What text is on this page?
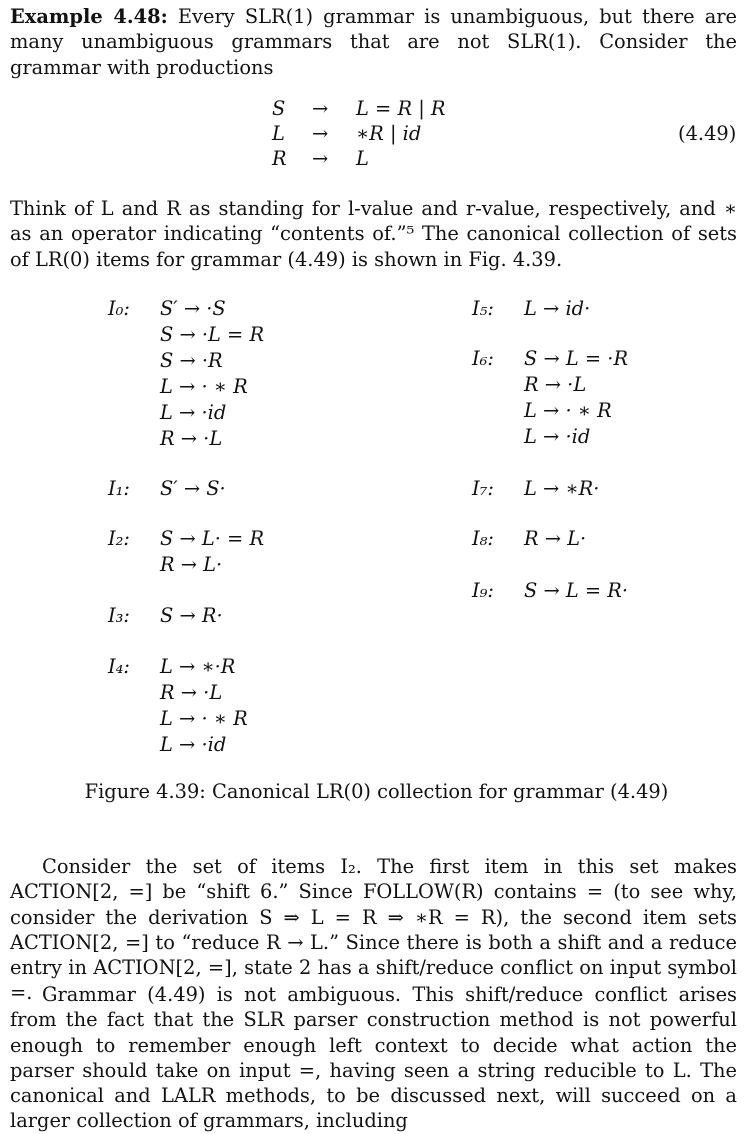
Example 4.48: Every SLR(1) grammar is unambiguous, but there are many unambiguous grammars that are not SLR(1). Consider the grammar with productions

S	→	L = R | R
L	→	∗R | id
R	→	L
(4.49)

Think of L and R as standing for l-value and r-value, respectively, and ∗ as an operator indicating “contents of.”⁵ The canonical collection of sets of LR(0) items for grammar (4.49) is shown in Fig. 4.39.

I₀:	S′ → ·S
S → ·L = R
S → ·R
L → · ∗ R
L → ·id
R → ·L
I₁:	S′ → S·
I₂:	S → L· = R
R → L·
I₃:	S → R·
I₄:	L → ∗·R
R → ·L
L → · ∗ R
L → ·id
I₅:	L → id·
I₆:	S → L = ·R
R → ·L
L → · ∗ R
L → ·id
I₇:	L → ∗R·
I₈:	R → L·
I₉:	S → L = R·
Figure 4.39: Canonical LR(0) collection for grammar (4.49)

Consider the set of items I₂. The first item in this set makes ACTION[2, =] be “shift 6.” Since FOLLOW(R) contains = (to see why, consider the derivation S ⇒ L = R ⇒ ∗R = R), the second item sets ACTION[2, =] to “reduce R → L.” Since there is both a shift and a reduce entry in ACTION[2, =], state 2 has a shift/reduce conflict on input symbol =. Grammar (4.49) is not ambiguous. This shift/reduce conflict arises from the fact that the SLR parser construction method is not powerful enough to remember enough left context to decide what action the parser should take on input =, having seen a string reducible to L. The canonical and LALR methods, to be discussed next, will succeed on a larger collection of grammars, including
